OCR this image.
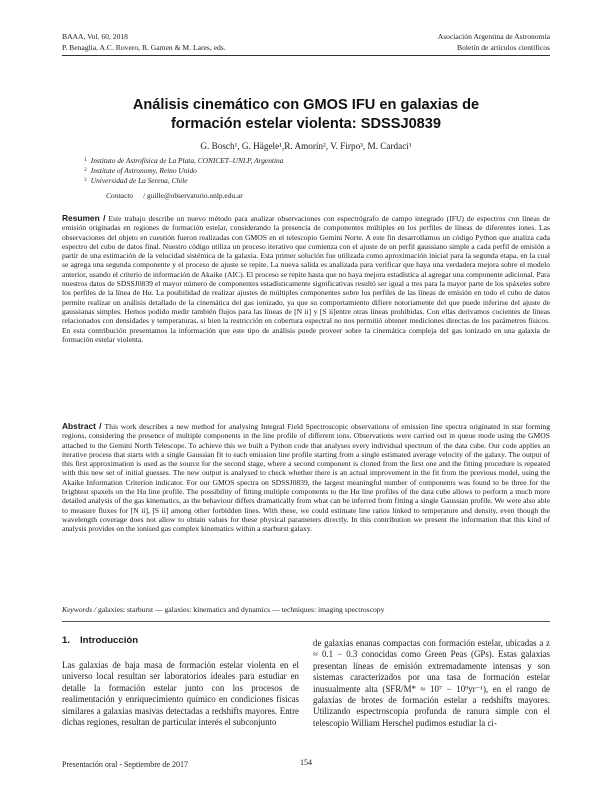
BAAA, Vol. 60, 2018
P. Benaglia, A.C. Rovero, R. Gamen & M. Lares, eds.
Asociación Argentina de Astronomía
Boletín de artículos científicos
Análisis cinemático con GMOS IFU en galaxias de
formación estelar violenta: SDSSJ0839
G. Bosch¹, G. Hägele¹,R. Amorín², V. Firpo³, M. Cardaci¹
$^1$ Instituto de Astrofísica de La Plata, CONICET–UNLP, Argentina
$^2$ Institute of Astronomy, Reino Unido
$^3$ Universidad de La Serena, Chile
Contacto / guille@observatorio.unlp.edu.ar
Resumen / Este trabajo describe un nuevo método para analizar observaciones con espectrógrafo de campo integrado (IFU) de espectros con líneas de emisión originadas en regiones de formación estelar, considerando la presencia de componentes múltiples en los perfiles de líneas de diferentes iones. Las observaciones del objeto en cuestión fueron realizadas con GMOS en el telescopio Gemini Norte. A este fin desarrollamos un código Python que analiza cada espectro del cubo de datos final. Nuestro código utiliza un proceso iterativo que comienza con el ajuste de un perfil gaussiano simple a cada perfil de emisión a partir de una estimación de la velocidad sistémica de la galaxia. Esta primer solución fue utilizada como aproximación inicial para la segunda etapa, en la cual se agrega una segunda componente y el proceso de ajuste se repite. La nueva salida es analizada para verificar que haya una verdadera mejora sobre el modelo anterior, usando el criterio de información de Akaike (AIC). El proceso se repite hasta que no haya mejora estadística al agregar una componente adicional. Para nuestros datos de SDSSJ0839 el mayor número de componentes estadísticamente significativas resultó ser igual a tres para la mayor parte de los spáxeles sobre los perfiles de la línea de Hα. La posibilidad de realizar ajustes de múltiples componentes sobre los perfiles de las líneas de emisión en todo el cubo de datos permite realizar un análisis detallado de la cinemática del gas ionizado, ya que su comportamiento difiere notoriamente del que puede inferirse del ajuste de gaussianas simples. Hemos podido medir también flujos para las líneas de [N ii] y [S ii]entre otras líneas prohibidas. Con ellas derivamos cocientes de líneas relacionados con densidades y temperaturas, si bien la restricción en cobertura espectral no nos permitió obtener mediciones directas de los parámetros físicos. En esta contribución presentamos la información que este tipo de análisis puede proveer sobre la cinemática compleja del gas ionizado en una galaxia de formación estelar violenta.
Abstract / This work describes a new method for analysing Integral Field Spectroscopic observations of emission line spectra originated in star forming regions, considering the presence of multiple components in the line profile of different ions. Observations were carried out in queue mode using the GMOS attached to the Gemini North Telescope. To achieve this we built a Python code that analyses every individual spectrum of the data cube. Our code applies an iterative process that starts with a single Gaussian fit to each emission line profile starting from a single estimated average velocity of the galaxy. The output of this first approximation is used as the source for the second stage, where a second component is cloned from the first one and the fitting procedure is repeated with this new set of initial guesses. The new output is analysed to check whether there is an actual improvement in the fit from the previous model, using the Akaike Information Criterion indicator. For our GMOS spectra on SDSSJ0839, the largest meaningful number of components was found to be three for the brightest spaxels on the Hα line profile. The possibility of fitting multiple components to the Hα line profiles of the data cube allows to perform a much more detailed analysis of the gas kinematics, as the behaviour differs dramatically from what can be inferred from fitting a single Gaussian profile. We were also able to measure fluxes for [N ii], [S ii] among other forbidden lines. With these, we could estimate line ratios linked to temperature and density, even though the wavelength coverage does not allow to obtain values for these physical parameters directly. In this contribution we present the information that this kind of analysis provides on the ionised gas complex kinematics within a starburst galaxy.
Keywords / galaxies: starburst — galaxies: kinematics and dynamics — techniques: imaging spectroscopy
1. Introducción
Las galaxias de baja masa de formación estelar violenta en el universo local resultan ser laboratorios ideales para estudiar en detalle la formación estelar junto con los procesos de realimentación y enriquecimiento químico en condiciones físicas similares a galaxias masivas detectadas a redshifts mayores. Entre dichas regiones, resultan de particular interés el subconjunto
de galaxias enanas compactas con formación estelar, ubicadas a z ≈ 0.1 − 0.3 conocidas como Green Peas (GPs). Estas galaxias presentan líneas de emisión extremadamente intensas y son sistemas caracterizados por una tasa de formación estelar inusualmente alta (SFR/M* ≈ 10⁷ − 10⁹yr⁻¹), en el rango de galaxias de brotes de formación estelar a redshifts mayores. Utilizando espectroscopía profunda de ranura simple con el telescopio William Herschel pudimos estudiar la ci-
Presentación oral - Septiembre de 2017	154
